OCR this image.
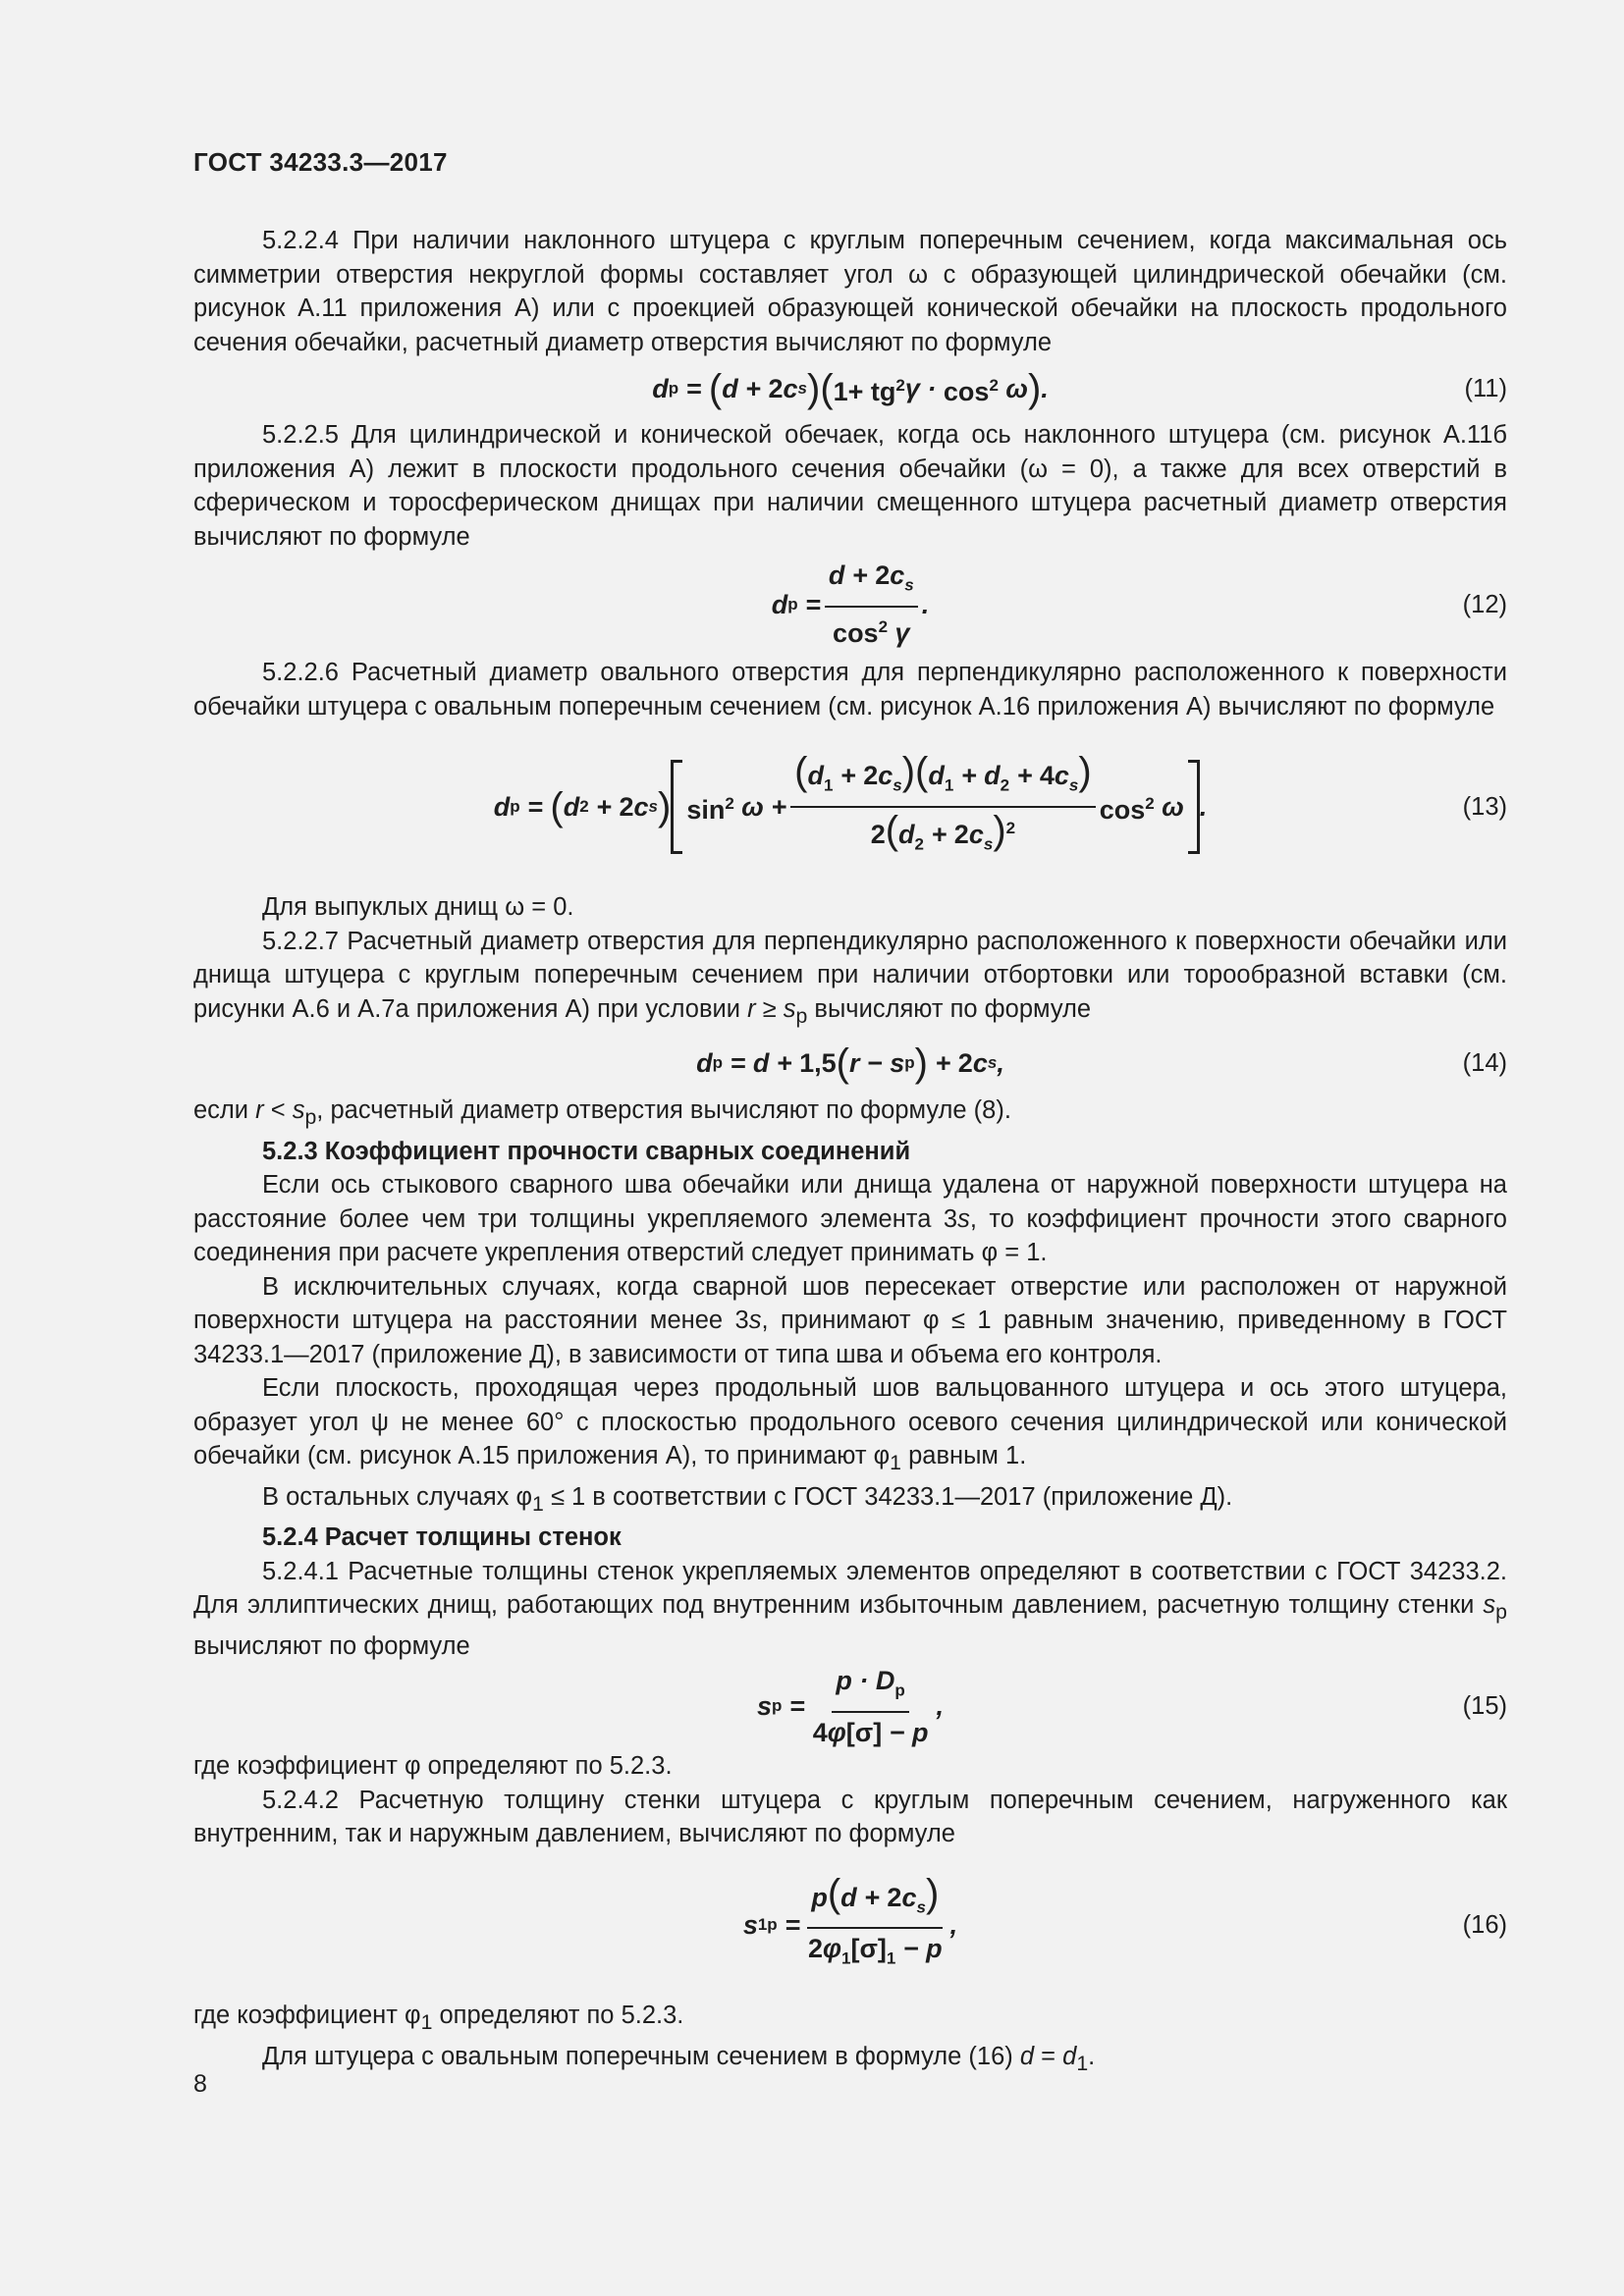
ГОСТ 34233.3—2017

5.2.2.4 При наличии наклонного штуцера с круглым поперечным сечением, когда максимальная ось симметрии отверстия некруглой формы составляет угол ω с образующей цилиндрической обечайки (см. рисунок А.11 приложения А) или с проекцией образующей конической обечайки на плоскость продольного сечения обечайки, расчетный диаметр отверстия вычисляют по формуле

d p = ( d + 2 c s ) ( $1+ tg^2$ $\gamma \cdot \cos^2 \omega$ ) .	(11)

5.2.2.5 Для цилиндрической и конической обечаек, когда ось наклонного штуцера (см. рисунок А.11б приложения А) лежит в плоскости продольного сечения обечайки (ω = 0), а также для всех отверстий в сферическом и торосферическом днищах при наличии смещенного штуцера расчетный диаметр отверстия вычисляют по формуле

d $p = \frac{d + 2c_s}{\cos^2 \gamma}$ .	(12)

5.2.2.6 Расчетный диаметр овального отверстия для перпендикулярно расположенного к поверхности обечайки штуцера с овальным поперечным сечением (см. рисунок А.16 приложения А) вычисляют по формуле

d p = ( d 2 + 2 c s ) $\sin^2 \omega + \frac{(d_1 + 2c_s)(d_1 + d_2 + 4c_s)}{2(d_2 + 2c_s)^2} \cos^2 \omega$
.	(13)

Для выпуклых днищ ω = 0.

5.2.2.7 Расчетный диаметр отверстия для перпендикулярно расположенного к поверхности обечайки или днища штуцера с круглым поперечным сечением при наличии отбортовки или торообразной вставки (см. рисунки А.6 и А.7а приложения А) при условии $r \ge s_p$ вычисляют по формуле

d p = d + 1,5 ( r − s p ) + 2 c s ,	(14)

если $r < s_p$, расчетный диаметр отверстия вычисляют по формуле (8).

5.2.3 Коэффициент прочности сварных соединений

Если ось стыкового сварного шва обечайки или днища удалена от наружной поверхности штуцера на расстояние более чем три толщины укрепляемого элемента 3s, то коэффициент прочности этого сварного соединения при расчете укрепления отверстий следует принимать φ = 1.

В исключительных случаях, когда сварной шов пересекает отверстие или расположен от наружной поверхности штуцера на расстоянии менее 3s, принимают φ ≤ 1 равным значению, приведенному в ГОСТ 34233.1—2017 (приложение Д), в зависимости от типа шва и объема его контроля.

Если плоскость, проходящая через продольный шов вальцованного штуцера и ось этого штуцера, образует угол ψ не менее 60° с плоскостью продольного осевого сечения цилиндрической или конической обечайки (см. рисунок А.15 приложения А), то принимают $\varphi_1$ равным 1.

В остальных случаях $\varphi_1 \le 1$ в соответствии с ГОСТ 34233.1—2017 (приложение Д).

5.2.4 Расчет толщины стенок

5.2.4.1 Расчетные толщины стенок укрепляемых элементов определяют в соответствии с ГОСТ 34233.2. Для эллиптических днищ, работающих под внутренним избыточным давлением, расчетную толщину стенки $s_p$ вычисляют по формуле

s $p = \frac{p \cdot D_p}{4\varphi[\sigma] - p}$ ,	(15)

где коэффициент φ определяют по 5.2.3.

5.2.4.2 Расчетную толщину стенки штуцера с круглым поперечным сечением, нагруженного как внутренним, так и наружным давлением, вычисляют по формуле

s $1p = \frac{p(d + 2c_s)}{2\varphi_1[\sigma]_1 - p}$ ,	(16)

где коэффициент $\varphi_1$ определяют по 5.2.3.

Для штуцера с овальным поперечным сечением в формуле (16) $d = d_1$.

8
